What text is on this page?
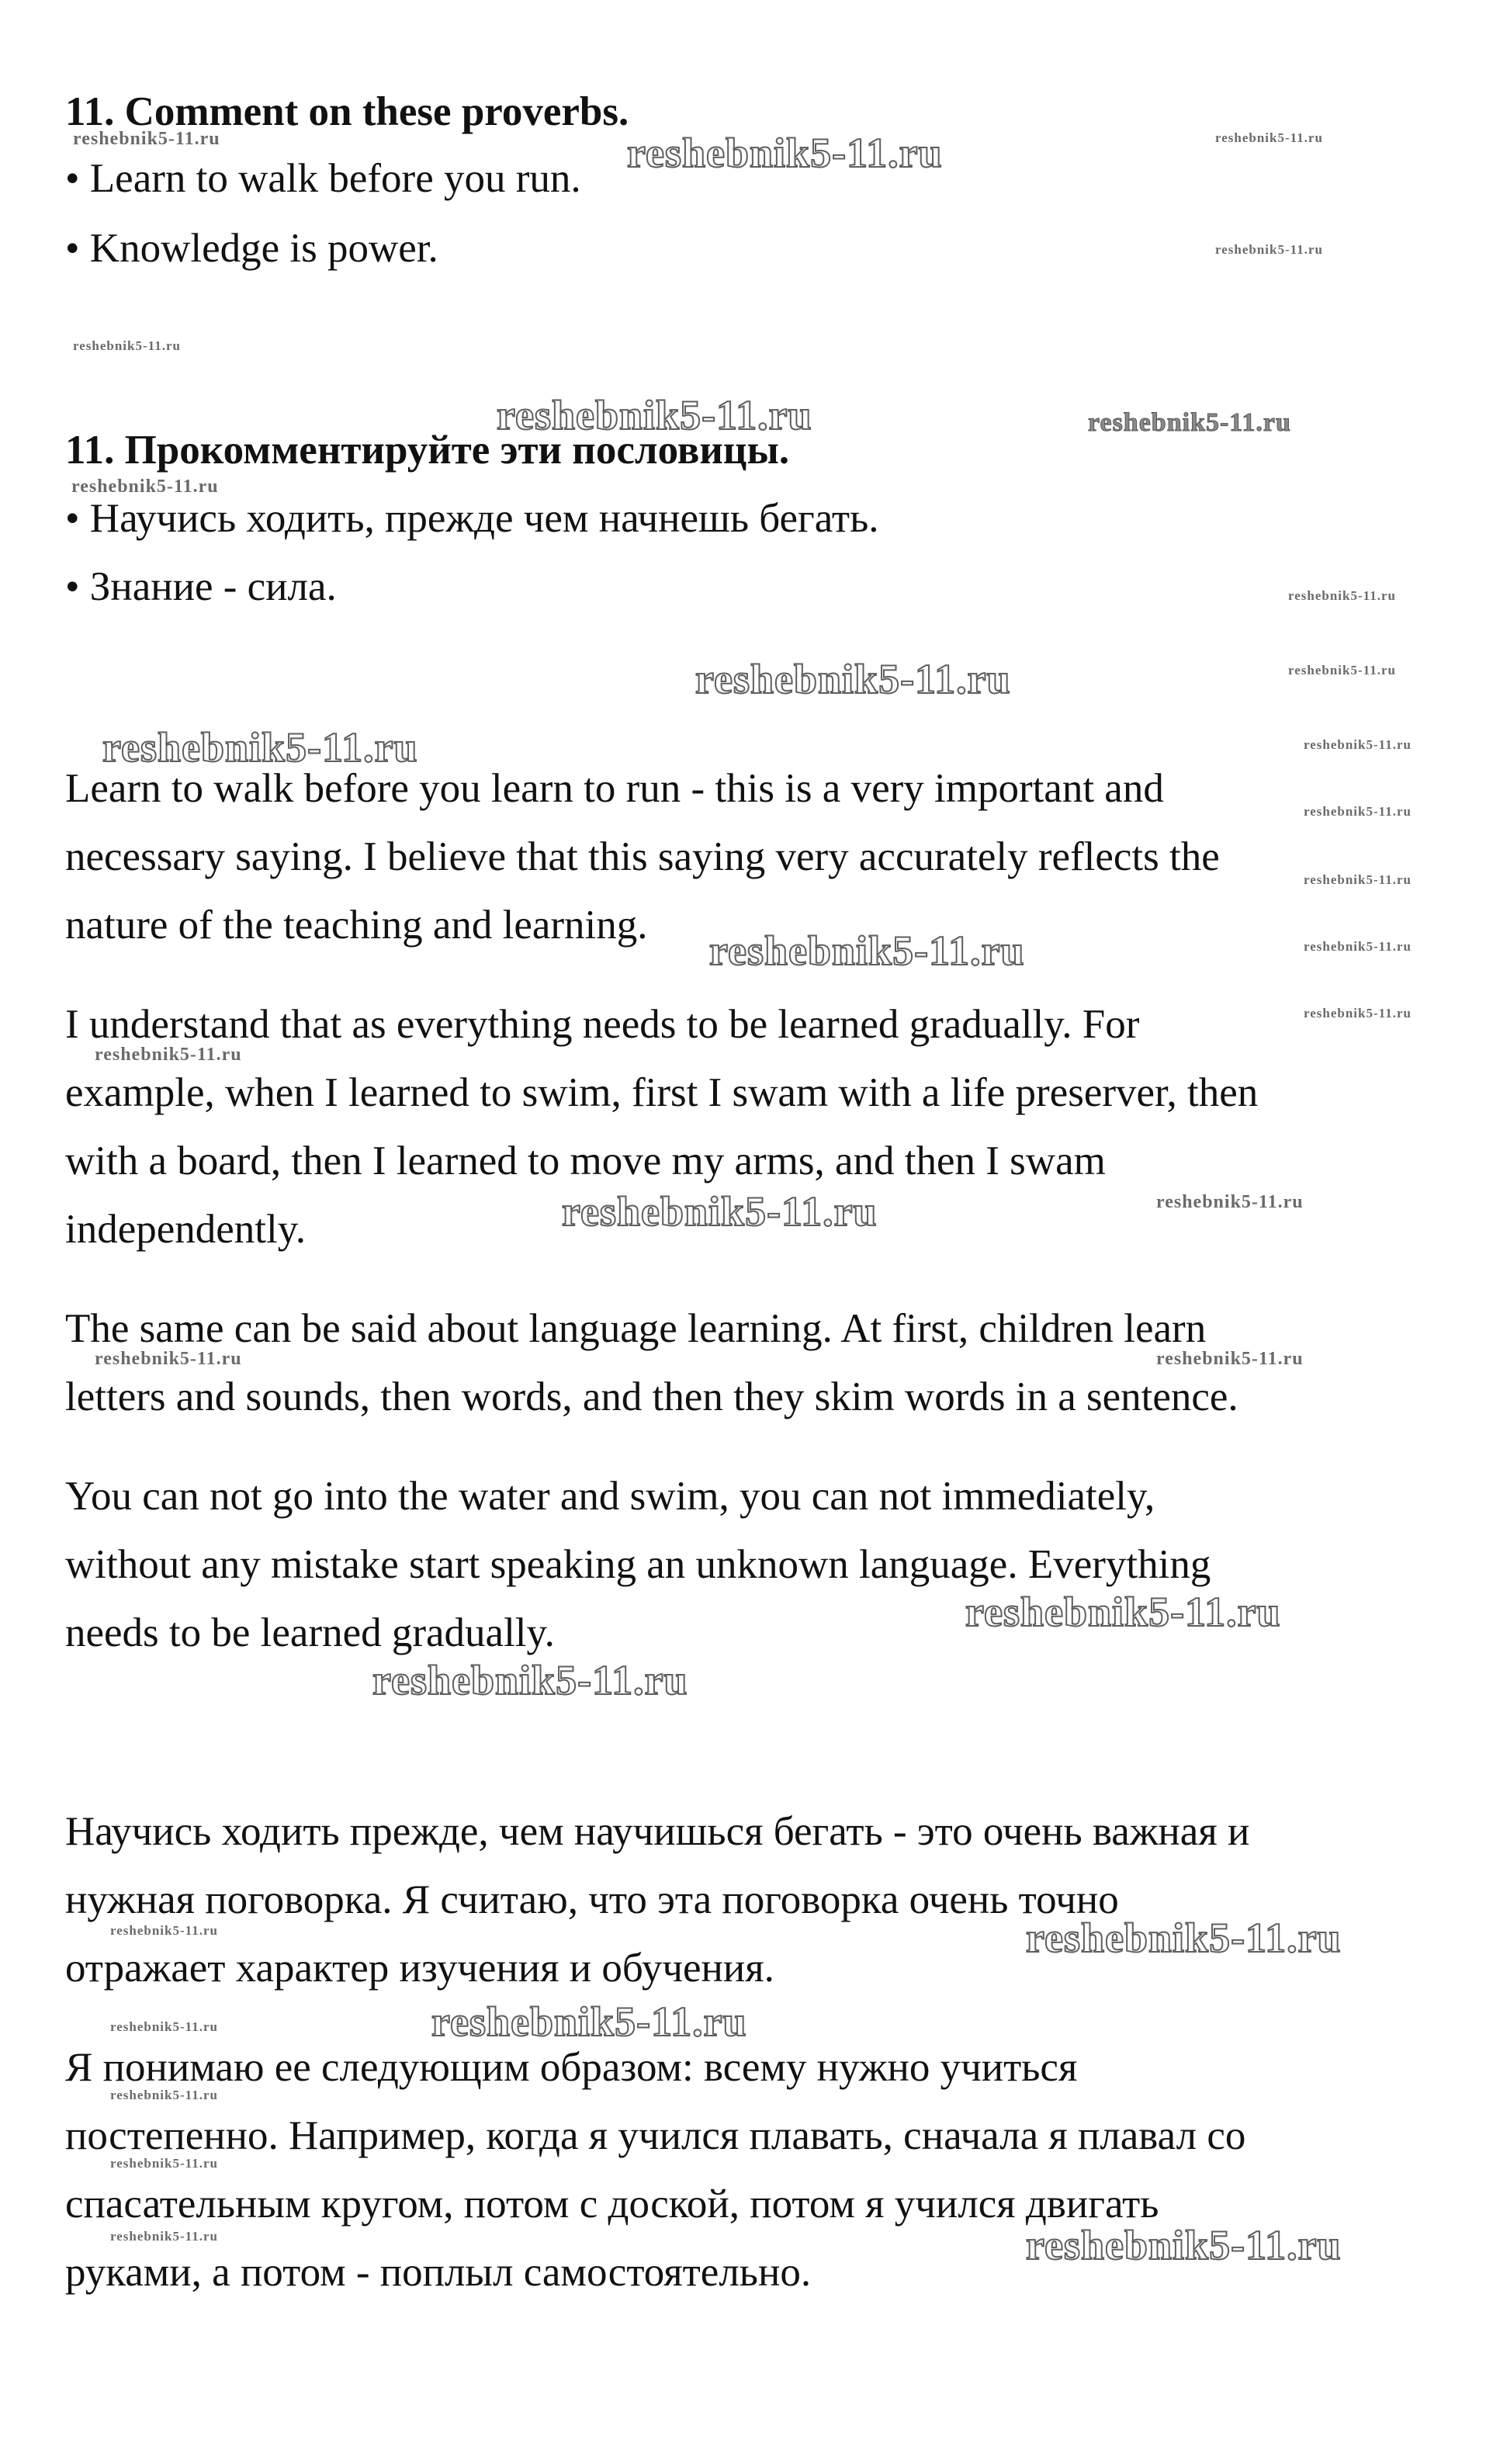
reshebnik5-11.ru	reshebnik5-11.ru	reshebnik5-11.ru
reshebnik5-11.ru
reshebnik5-11.ru
reshebnik5-11.ru	reshebnik5-11.ru
reshebnik5-11.ru
reshebnik5-11.ru
reshebnik5-11.ru
reshebnik5-11.ru
reshebnik5-11.ru	reshebnik5-11.ru
reshebnik5-11.ru
reshebnik5-11.ru
reshebnik5-11.ru	reshebnik5-11.ru
reshebnik5-11.ru
reshebnik5-11.ru
reshebnik5-11.ru	reshebnik5-11.ru
reshebnik5-11.ru	reshebnik5-11.ru
reshebnik5-11.ru
reshebnik5-11.ru
reshebnik5-11.ru	reshebnik5-11.ru
reshebnik5-11.ru	reshebnik5-11.ru
reshebnik5-11.ru
reshebnik5-11.ru
reshebnik5-11.ru	reshebnik5-11.ru
11. Comment on these proverbs.
• Learn to walk before you run.
• Knowledge is power.
11. Прокомментируйте эти пословицы.
• Научись ходить, прежде чем начнешь бегать.
• Знание - сила.
Learn to walk before you learn to run - this is a very important and
necessary saying. I believe that this saying very accurately reflects the
nature of the teaching and learning.
I understand that as everything needs to be learned gradually. For
example, when I learned to swim, first I swam with a life preserver, then
with a board, then I learned to move my arms, and then I swam
independently.
The same can be said about language learning. At first, children learn
letters and sounds, then words, and then they skim words in a sentence.
You can not go into the water and swim, you can not immediately,
without any mistake start speaking an unknown language. Everything
needs to be learned gradually.
Научись ходить прежде, чем научишься бегать - это очень важная и
нужная поговорка. Я считаю, что эта поговорка очень точно
отражает характер изучения и обучения.
Я понимаю ее следующим образом: всему нужно учиться
постепенно. Например, когда я учился плавать, сначала я плавал со
спасательным кругом, потом с доской, потом я учился двигать
руками, а потом - поплыл самостоятельно.
